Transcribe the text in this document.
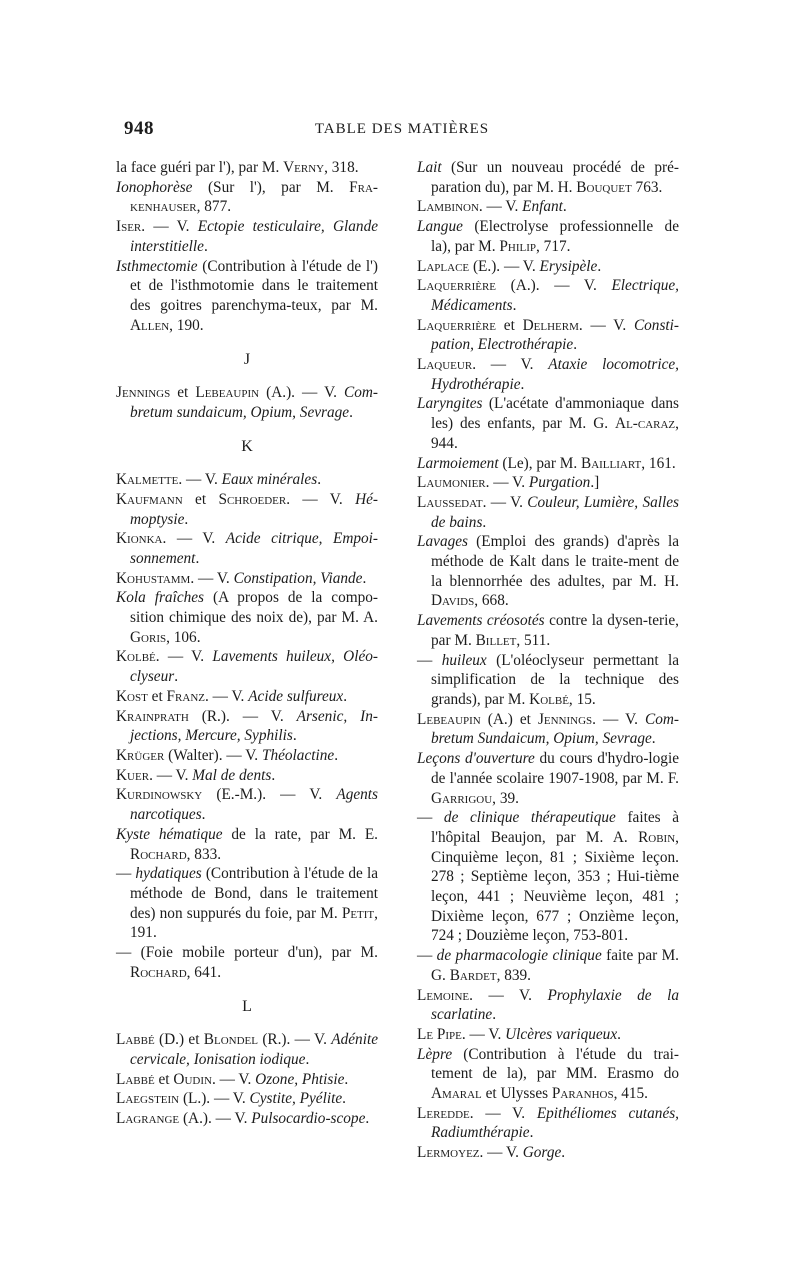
948	TABLE DES MATIÈRES
la face guéri par l'), par M. Verny, 318.
Ionophorèse (Sur l'), par M. Fra-kenhauser, 877.
Iser. — V. Ectopie testiculaire, Glande interstitielle.
Isthmectomie (Contribution à l'étude de l') et de l'isthmotomie dans le traitement des goitres parenchyma-teux, par M. Allen, 190.
J
Jennings et Lebeaupin (A.). — V. Com-bretum sundaicum, Opium, Sevrage.
K
Kalmette. — V. Eaux minérales.
Kaufmann et Schroeder. — V. Hé-moptysie.
Kionka. — V. Acide citrique, Empoi-sonnement.
Kohustamm. — V. Constipation, Viande.
Kola fraîches (A propos de la compo-sition chimique des noix de), par M. A. Goris, 106.
Kolbé. — V. Lavements huileux, Oléo-clyseur.
Kost et Franz. — V. Acide sulfureux.
Krainprath (R.). — V. Arsenic, In-jections, Mercure, Syphilis.
Krüger (Walter). — V. Théolactine.
Kuer. — V. Mal de dents.
Kurdinowsky (E.-M.). — V. Agents narcotiques.
Kyste hématique de la rate, par M. E. Rochard, 833.
— hydatiques (Contribution à l'étude de la méthode de Bond, dans le traitement des) non suppurés du foie, par M. Petit, 191.
— (Foie mobile porteur d'un), par M. Rochard, 641.
L
Labbé (D.) et Blondel (R.). — V. Adénite cervicale, Ionisation iodique.
Labbé et Oudin. — V. Ozone, Phtisie.
Laegstein (L.). — V. Cystite, Pyélite.
Lagrange (A.). — V. Pulsocardio-scope.
Lait (Sur un nouveau procédé de pré-paration du), par M. H. Bouquet 763.
Lambinon. — V. Enfant.
Langue (Electrolyse professionnelle de la), par M. Philip, 717.
Laplace (E.). — V. Erysipèle.
Laquerrière (A.). — V. Electrique, Médicaments.
Laquerrière et Delherm. — V. Consti-pation, Electrothérapie.
Laqueur. — V. Ataxie locomotrice, Hydrothérapie.
Laryngites (L'acétate d'ammoniaque dans les) des enfants, par M. G. Al-caraz, 944.
Larmoiement (Le), par M. Bailliart, 161.
Laumonier. — V. Purgation.]
Laussedat. — V. Couleur, Lumière, Salles de bains.
Lavages (Emploi des grands) d'après la méthode de Kalt dans le traite-ment de la blennorrhée des adultes, par M. H. Davids, 668.
Lavements créosotés contre la dysen-terie, par M. Billet, 511.
— huileux (L'oléoclyseur permettant la simplification de la technique des grands), par M. Kolbé, 15.
Lebeaupin (A.) et Jennings. — V. Com-bretum Sundaicum, Opium, Sevrage.
Leçons d'ouverture du cours d'hydro-logie de l'année scolaire 1907-1908, par M. F. Garrigou, 39.
— de clinique thérapeutique faites à l'hôpital Beaujon, par M. A. Robin, Cinquième leçon, 81 ; Sixième leçon. 278 ; Septième leçon, 353 ; Hui-tième leçon, 441 ; Neuvième leçon, 481 ; Dixième leçon, 677 ; Onzième leçon, 724 ; Douzième leçon, 753-801.
— de pharmacologie clinique faite par M. G. Bardet, 839.
Lemoine. — V. Prophylaxie de la scarlatine.
Le Pipe. — V. Ulcères variqueux.
Lèpre (Contribution à l'étude du trai-tement de la), par MM. Erasmo do Amaral et Ulysses Paranhos, 415.
Leredde. — V. Epithéliomes cutanés, Radiumthérapie.
Lermoyez. — V. Gorge.
